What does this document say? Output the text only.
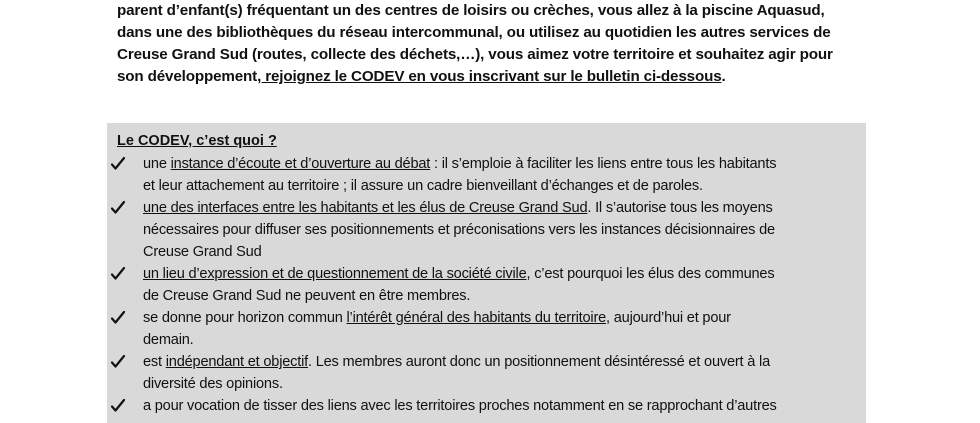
parent d’enfant(s) fréquentant un des centres de loisirs ou crèches, vous allez à la piscine Aquasud,
dans une des bibliothèques du réseau intercommunal, ou utilisez au quotidien les autres services de
Creuse Grand Sud (routes, collecte des déchets,…), vous aimez votre territoire et souhaitez agir pour
son développement, rejoignez le CODEV en vous inscrivant sur le bulletin ci-dessous.
Le CODEV, c’est quoi ?
une instance d’écoute et d’ouverture au débat : il s’emploie à faciliter les liens entre tous les habitants
et leur attachement au territoire ; il assure un cadre bienveillant d’échanges et de paroles.
une des interfaces entre les habitants et les élus de Creuse Grand Sud. Il s’autorise tous les moyens
nécessaires pour diffuser ses positionnements et préconisations vers les instances décisionnaires de
Creuse Grand Sud
un lieu d’expression et de questionnement de la société civile, c’est pourquoi les élus des communes
de Creuse Grand Sud ne peuvent en être membres.
se donne pour horizon commun l’intérêt général des habitants du territoire, aujourd’hui et pour
demain.
est indépendant et objectif. Les membres auront donc un positionnement désintéressé et ouvert à la
diversité des opinions.
a pour vocation de tisser des liens avec les territoires proches notamment en se rapprochant d’autres
